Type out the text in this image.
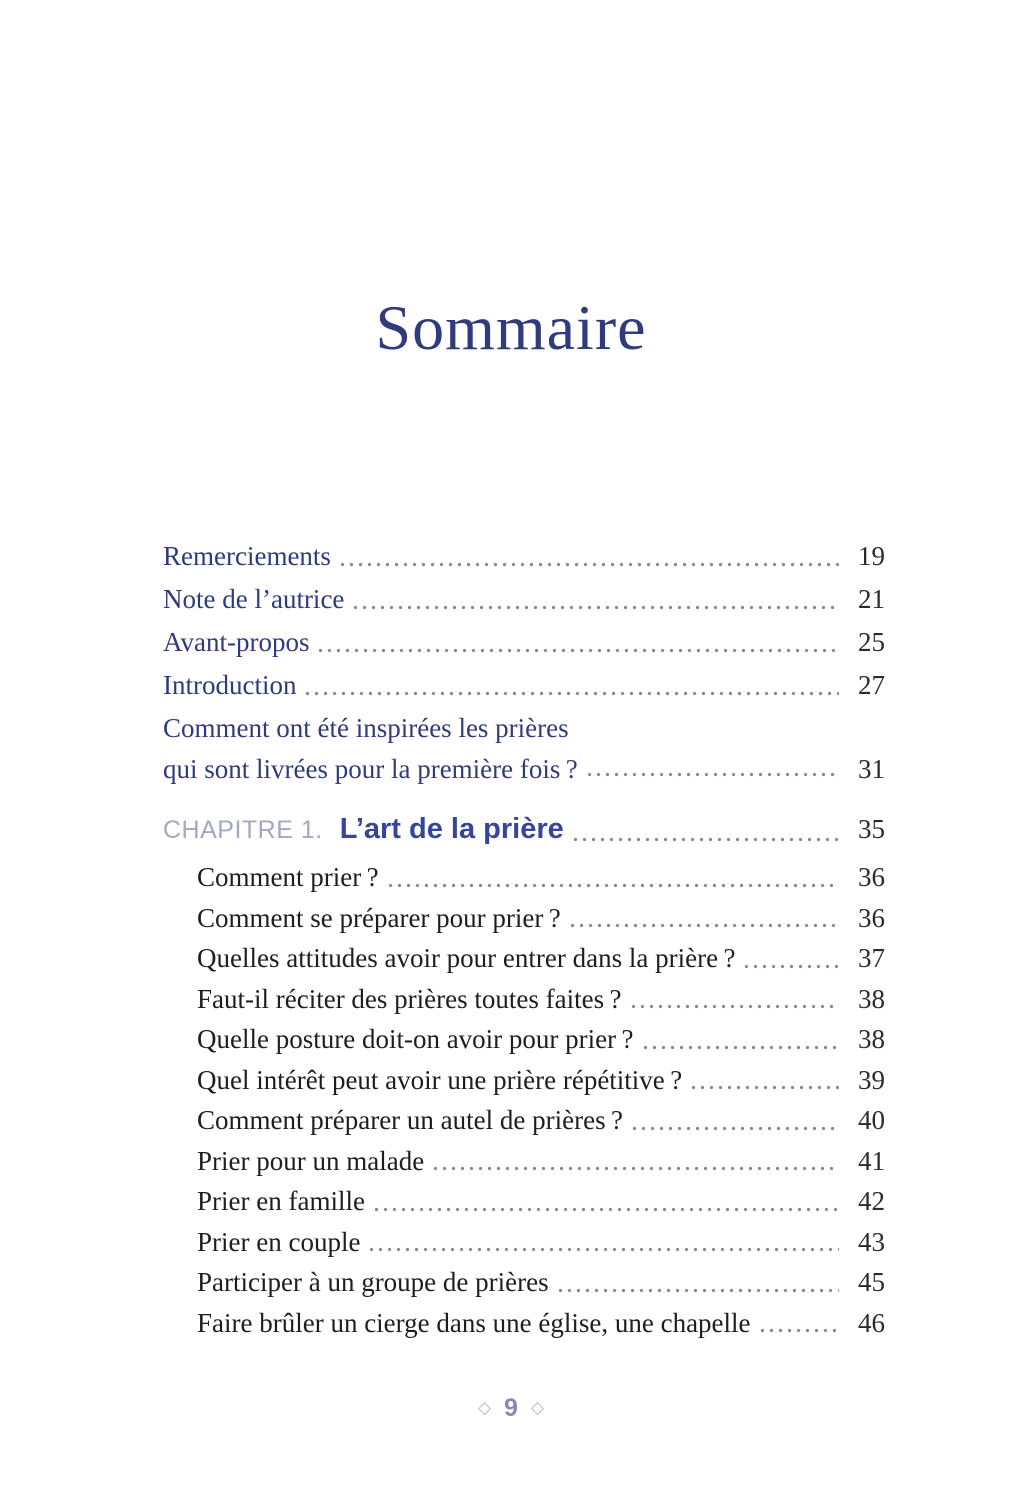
Sommaire
Remerciements	19
Note de l’autrice	21
Avant-propos	25
Introduction	27
Comment ont été inspirées les prières
qui sont livrées pour la première fois ?	31
CHAPITRE 1. L’art de la prière	35
Comment prier ?	36
Comment se préparer pour prier ?	36
Quelles attitudes avoir pour entrer dans la prière ?	37
Faut-il réciter des prières toutes faites ?	38
Quelle posture doit-on avoir pour prier ?	38
Quel intérêt peut avoir une prière répétitive ?	39
Comment préparer un autel de prières ?	40
Prier pour un malade	41
Prier en famille	42
Prier en couple	43
Participer à un groupe de prières	45
Faire brûler un cierge dans une église, une chapelle	46
◇ 9 ◇
